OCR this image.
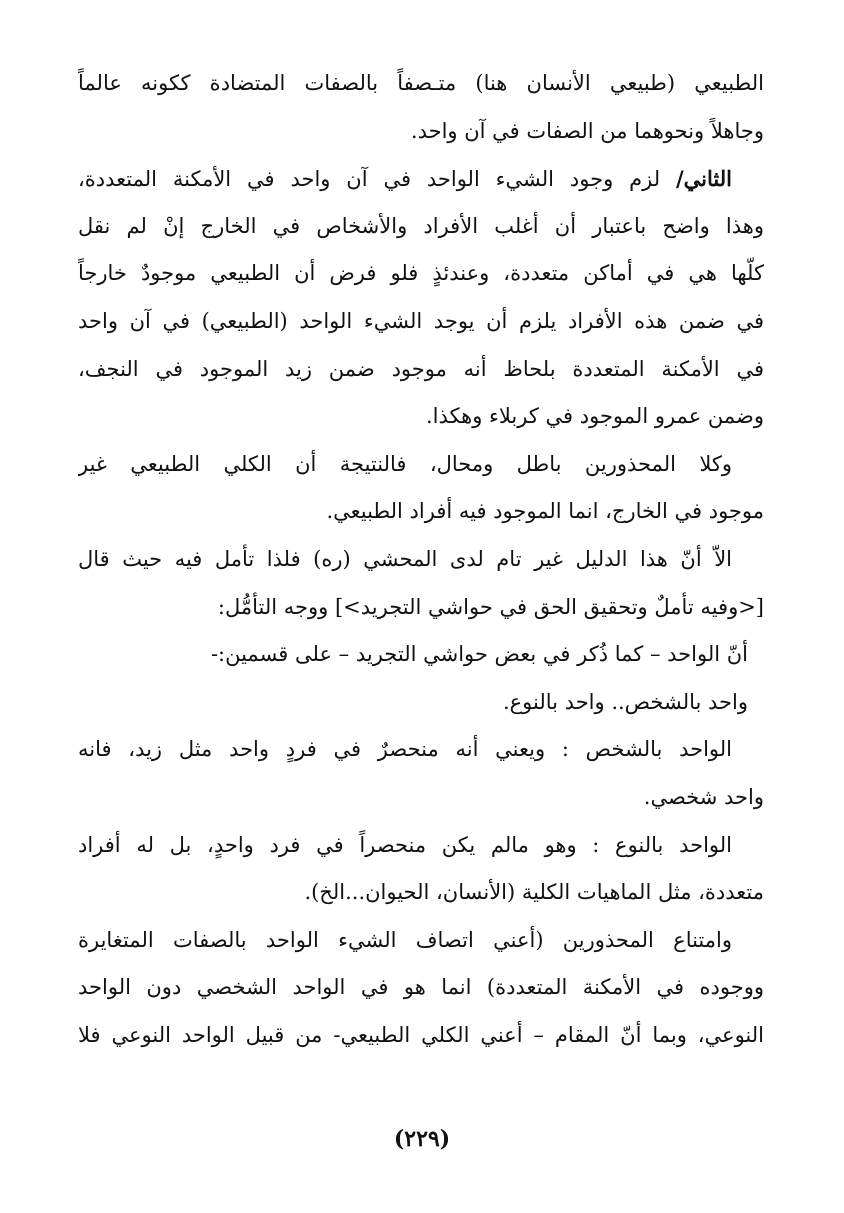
الطبيعي (طبيعي الأنسان هنا) متـصفاً بالصفات المتضادة ككونه عالماً
وجاهلاً ونحوهما من الصفات في آن واحد.
الثاني/ لزم وجود الشيء الواحد في آن واحد في الأمكنة المتعددة،
وهذا واضح باعتبار أن أغلب الأفراد والأشخاص في الخارج إنْ لم نقل
كلّها هي في أماكن متعددة، وعندئذٍ فلو فرض أن الطبيعي موجودٌ خارجاً
في ضمن هذه الأفراد يلزم أن يوجد الشيء الواحد (الطبيعي) في آن واحد
في الأمكنة المتعددة بلحاظ أنه موجود ضمن زيد الموجود في النجف،
وضمن عمرو الموجود في كربلاء وهكذا.
وكلا المحذورين باطل ومحال، فالنتيجة أن الكلي الطبيعي غير
موجود في الخارج، انما الموجود فيه أفراد الطبيعي.
الاّ أنّ هذا الدليل غير تام لدى المحشي (ره) فلذا تأمل فيه حيث قال
[<وفيه تأملٌ وتحقيق الحق في حواشي التجريد>] ووجه التأمُّل:
أنّ الواحد – كما ذُكر في بعض حواشي التجريد – على قسمين:-
واحد بالشخص.. واحد بالنوع.
الواحد بالشخص : ويعني أنه منحصرٌ في فردٍ واحد مثل زيد، فانه
واحد شخصي.
الواحد بالنوع : وهو مالم يكن منحصراً في فرد واحدٍ، بل له أفراد
متعددة، مثل الماهيات الكلية (الأنسان، الحيوان...الخ).
وامتناع المحذورين (أعني اتصاف الشيء الواحد بالصفات المتغايرة
ووجوده في الأمكنة المتعددة) انما هو في الواحد الشخصي دون الواحد
النوعي، وبما أنّ المقام – أعني الكلي الطبيعي- من قبيل الواحد النوعي فلا
(٢٢٩)
